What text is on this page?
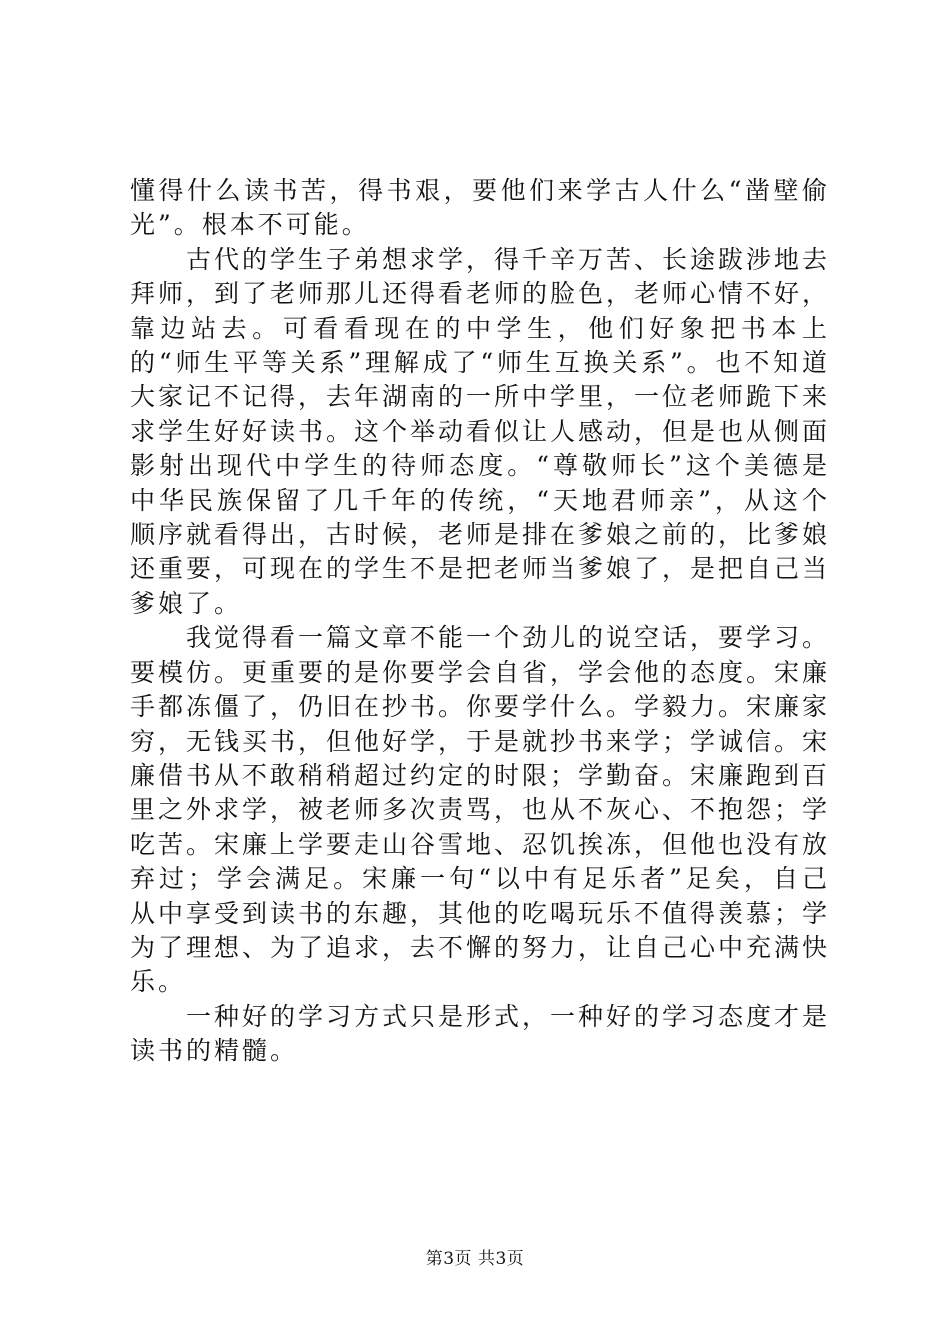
懂得什么读书苦，得书艰，要他们来学古人什么“凿壁偷光”。根本不可能。

古代的学生子弟想求学，得千辛万苦、长途跋涉地去拜师，到了老师那儿还得看老师的脸色，老师心情不好，靠边站去。可看看现在的中学生，他们好象把书本上的“师生平等关系”理解成了“师生互换关系”。也不知道大家记不记得，去年湖南的一所中学里，一位老师跪下来求学生好好读书。这个举动看似让人感动，但是也从侧面影射出现代中学生的待师态度。“尊敬师长”这个美德是中华民族保留了几千年的传统，“天地君师亲”，从这个顺序就看得出，古时候，老师是排在爹娘之前的，比爹娘还重要，可现在的学生不是把老师当爹娘了，是把自己当爹娘了。

我觉得看一篇文章不能一个劲儿的说空话，要学习。要模仿。更重要的是你要学会自省，学会他的态度。宋廉手都冻僵了，仍旧在抄书。你要学什么。学毅力。宋廉家穷，无钱买书，但他好学，于是就抄书来学；学诚信。宋廉借书从不敢稍稍超过约定的时限；学勤奋。宋廉跑到百里之外求学，被老师多次责骂，也从不灰心、不抱怨；学吃苦。宋廉上学要走山谷雪地、忍饥挨冻，但他也没有放弃过；学会满足。宋廉一句“以中有足乐者”足矣，自己从中享受到读书的东趣，其他的吃喝玩乐不值得羡慕；学为了理想、为了追求，去不懈的努力，让自己心中充满快乐。

一种好的学习方式只是形式，一种好的学习态度才是读书的精髓。

第3页 共3页
